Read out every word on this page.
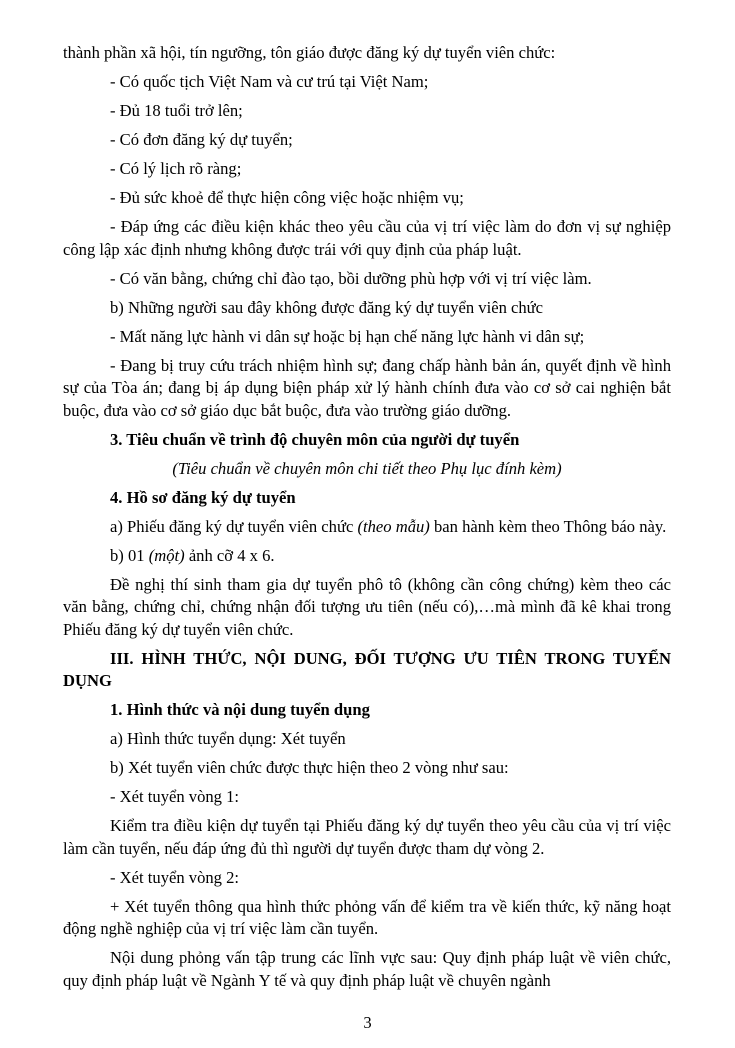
thành phần xã hội, tín ngưỡng, tôn giáo được đăng ký dự tuyển viên chức:

- Có quốc tịch Việt Nam và cư trú tại Việt Nam;

- Đủ 18 tuổi trở lên;

- Có đơn đăng ký dự tuyển;

- Có lý lịch rõ ràng;

- Đủ sức khoẻ để thực hiện công việc hoặc nhiệm vụ;

- Đáp ứng các điều kiện khác theo yêu cầu của vị trí việc làm do đơn vị sự nghiệp công lập xác định nhưng không được trái với quy định của pháp luật.

- Có văn bằng, chứng chỉ đào tạo, bồi dưỡng phù hợp với vị trí việc làm.

b) Những người sau đây không được đăng ký dự tuyển viên chức

- Mất năng lực hành vi dân sự hoặc bị hạn chế năng lực hành vi dân sự;

- Đang bị truy cứu trách nhiệm hình sự; đang chấp hành bản án, quyết định về hình sự của Tòa án; đang bị áp dụng biện pháp xử lý hành chính đưa vào cơ sở cai nghiện bắt buộc, đưa vào cơ sở giáo dục bắt buộc, đưa vào trường giáo dưỡng.

3. Tiêu chuẩn về trình độ chuyên môn của người dự tuyển

(Tiêu chuẩn về chuyên môn chi tiết theo Phụ lục đính kèm)

4. Hồ sơ đăng ký dự tuyển

a) Phiếu đăng ký dự tuyển viên chức (theo mẫu) ban hành kèm theo Thông báo này.

b) 01 (một) ảnh cỡ 4 x 6.

Đề nghị thí sinh tham gia dự tuyển phô tô (không cần công chứng) kèm theo các văn bằng, chứng chỉ, chứng nhận đối tượng ưu tiên (nếu có),…mà mình đã kê khai trong Phiếu đăng ký dự tuyển viên chức.

III. HÌNH THỨC, NỘI DUNG, ĐỐI TƯỢNG ƯU TIÊN TRONG TUYỂN DỤNG

1. Hình thức và nội dung tuyển dụng

a) Hình thức tuyển dụng: Xét tuyển

b) Xét tuyển viên chức được thực hiện theo 2 vòng như sau:

- Xét tuyển vòng 1:

Kiểm tra điều kiện dự tuyển tại Phiếu đăng ký dự tuyển theo yêu cầu của vị trí việc làm cần tuyển, nếu đáp ứng đủ thì người dự tuyển được tham dự vòng 2.

- Xét tuyển vòng 2:

+ Xét tuyển thông qua hình thức phỏng vấn để kiểm tra về kiến thức, kỹ năng hoạt động nghề nghiệp của vị trí việc làm cần tuyển.

Nội dung phỏng vấn tập trung các lĩnh vực sau: Quy định pháp luật về viên chức, quy định pháp luật về Ngành Y tế và quy định pháp luật về chuyên ngành

3
